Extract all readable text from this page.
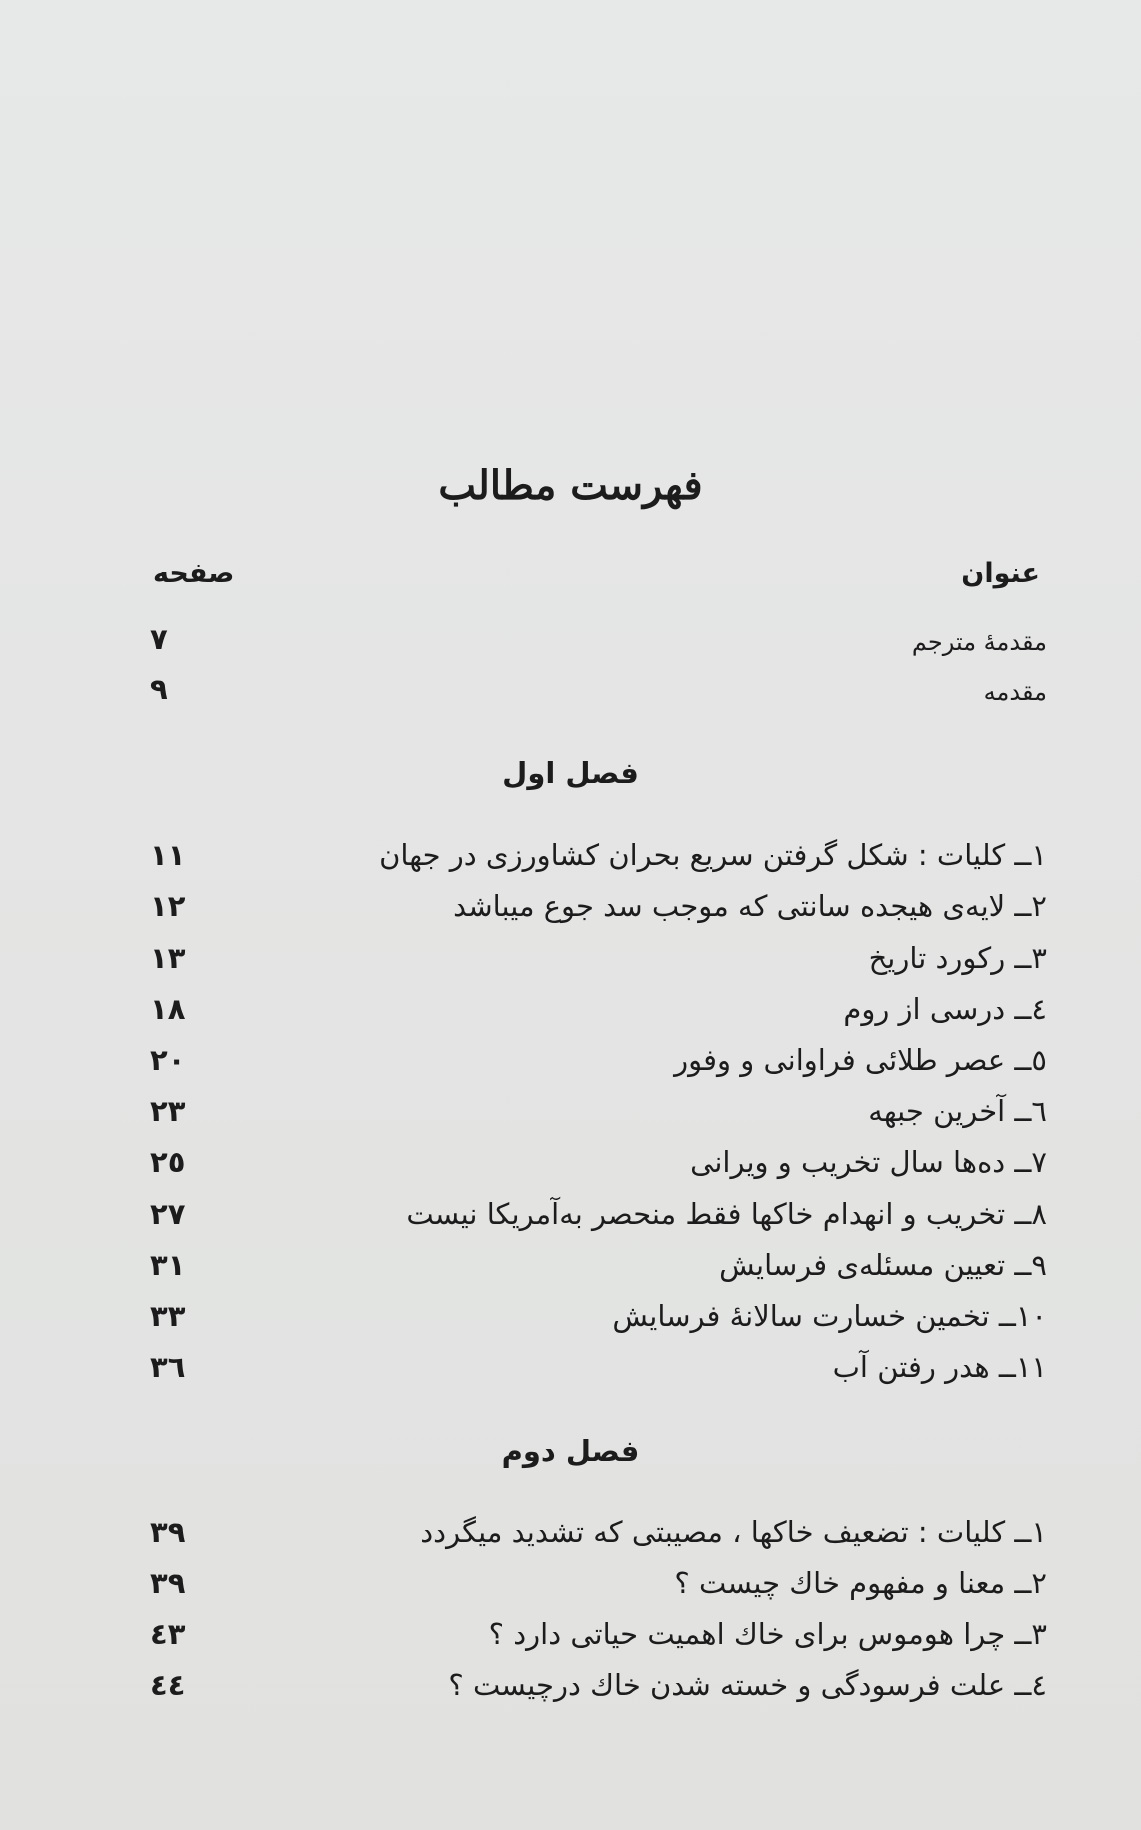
فهرست مطالب
عنوان
صفحه
مقدمهٔ مترجم
۷
مقدمه
۹
فصل اول
۱ــ کلیات : شکل گرفتن سریع بحران کشاورزی در جهان
۱۱
۲ــ لایه‌ی هیجده سانتی که موجب سد جوع میباشد
۱۲
۳ــ رکورد تاریخ
۱۳
٤ــ درسی از روم
۱۸
٥ــ عصر طلائی فراوانی و وفور
۲۰
٦ــ آخرین جبهه
۲۳
۷ــ ده‌ها سال تخریب و ویرانی
۲٥
۸ــ تخریب و انهدام خاکها فقط منحصر به‌آمریکا نیست
۲۷
۹ــ تعیین مسئله‌ی فرسایش
۳۱
۱۰ــ تخمین خسارت سالانهٔ فرسایش
۳۳
۱۱ــ هدر رفتن آب
۳٦
فصل دوم
۱ــ کلیات : تضعیف خاکها ، مصیبتی که تشدید میگردد
۳۹
۲ــ معنا و مفهوم خاك چیست ؟
۳۹
۳ــ چرا هوموس برای خاك اهمیت حیاتی دارد ؟
٤۳
٤ــ علت فرسودگی و خسته شدن خاك درچیست ؟
٤٤
